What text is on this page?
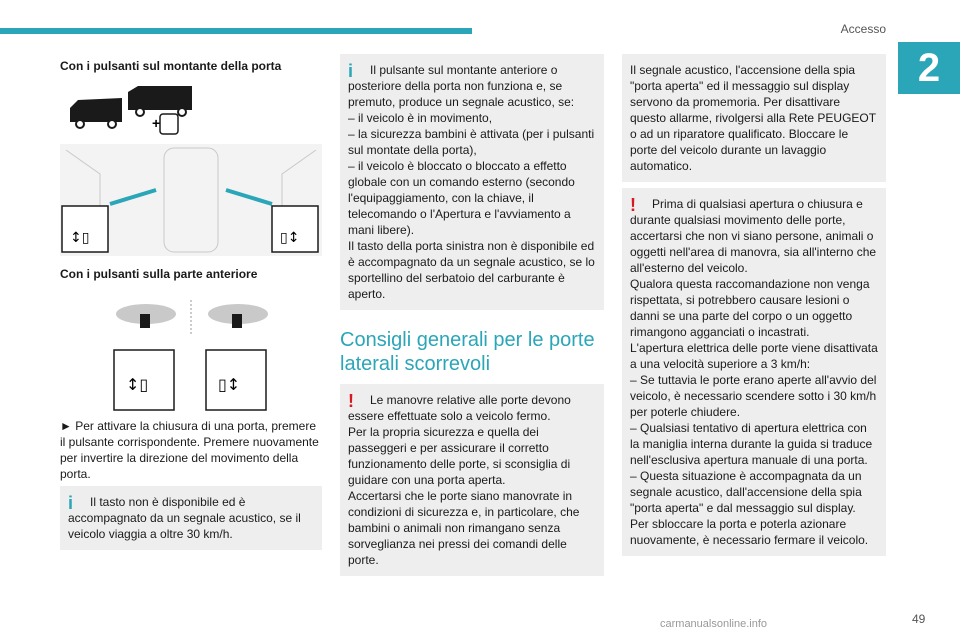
Accesso
2
Con i pulsanti sul montante della porta
+
↕▯	▯↕
Con i pulsanti sulla parte anteriore
↕▯	▯↕
► Per attivare la chiusura di una porta, premere il pulsante corrispondente. Premere nuovamente per invertire la direzione del movimento della porta.
i	Il tasto non è disponibile ed è accompagnato da un segnale acustico, se il veicolo viaggia a oltre 30 km/h.

i	Il pulsante sul montante anteriore o posteriore della porta non funziona e, se premuto, produce un segnale acustico, se:

– il veicolo è in movimento,

– la sicurezza bambini è attivata (per i pulsanti sul montate della porta),

– il veicolo è bloccato o bloccato a effetto globale con un comando esterno (secondo l'equipaggiamento, con la chiave, il telecomando o l'Apertura e l'avviamento a mani libere).

Il tasto della porta sinistra non è disponibile ed è accompagnato da un segnale acustico, se lo sportellino del serbatoio del carburante è aperto.

Consigli generali per le porte laterali scorrevoli
!	Le manovre relative alle porte devono essere effettuate solo a veicolo fermo.

Per la propria sicurezza e quella dei passeggeri e per assicurare il corretto funzionamento delle porte, si sconsiglia di guidare con una porta aperta.

Accertarsi che le porte siano manovrate in condizioni di sicurezza e, in particolare, che bambini o animali non rimangano senza sorveglianza nei pressi dei comandi delle porte.

Il segnale acustico, l'accensione della spia "porta aperta" ed il messaggio sul display servono da promemoria. Per disattivare questo allarme, rivolgersi alla Rete PEUGEOT o ad un riparatore qualificato. Bloccare le porte del veicolo durante un lavaggio automatico.

!	Prima di qualsiasi apertura o chiusura e durante qualsiasi movimento delle porte, accertarsi che non vi siano persone, animali o oggetti nell'area di manovra, sia all'interno che all'esterno del veicolo.

Qualora questa raccomandazione non venga rispettata, si potrebbero causare lesioni o danni se una parte del corpo o un oggetto rimangono agganciati o incastrati.

L'apertura elettrica delle porte viene disattivata a una velocità superiore a 3 km/h:

– Se tuttavia le porte erano aperte all'avvio del veicolo, è necessario scendere sotto i 30 km/h per poterle chiudere.

– Qualsiasi tentativo di apertura elettrica con la maniglia interna durante la guida si traduce nell'esclusiva apertura manuale di una porta.

– Questa situazione è accompagnata da un segnale acustico, dall'accensione della spia "porta aperta" e dal messaggio sul display.

Per sbloccare la porta e poterla azionare nuovamente, è necessario fermare il veicolo.

carmanualsonline.info	49
